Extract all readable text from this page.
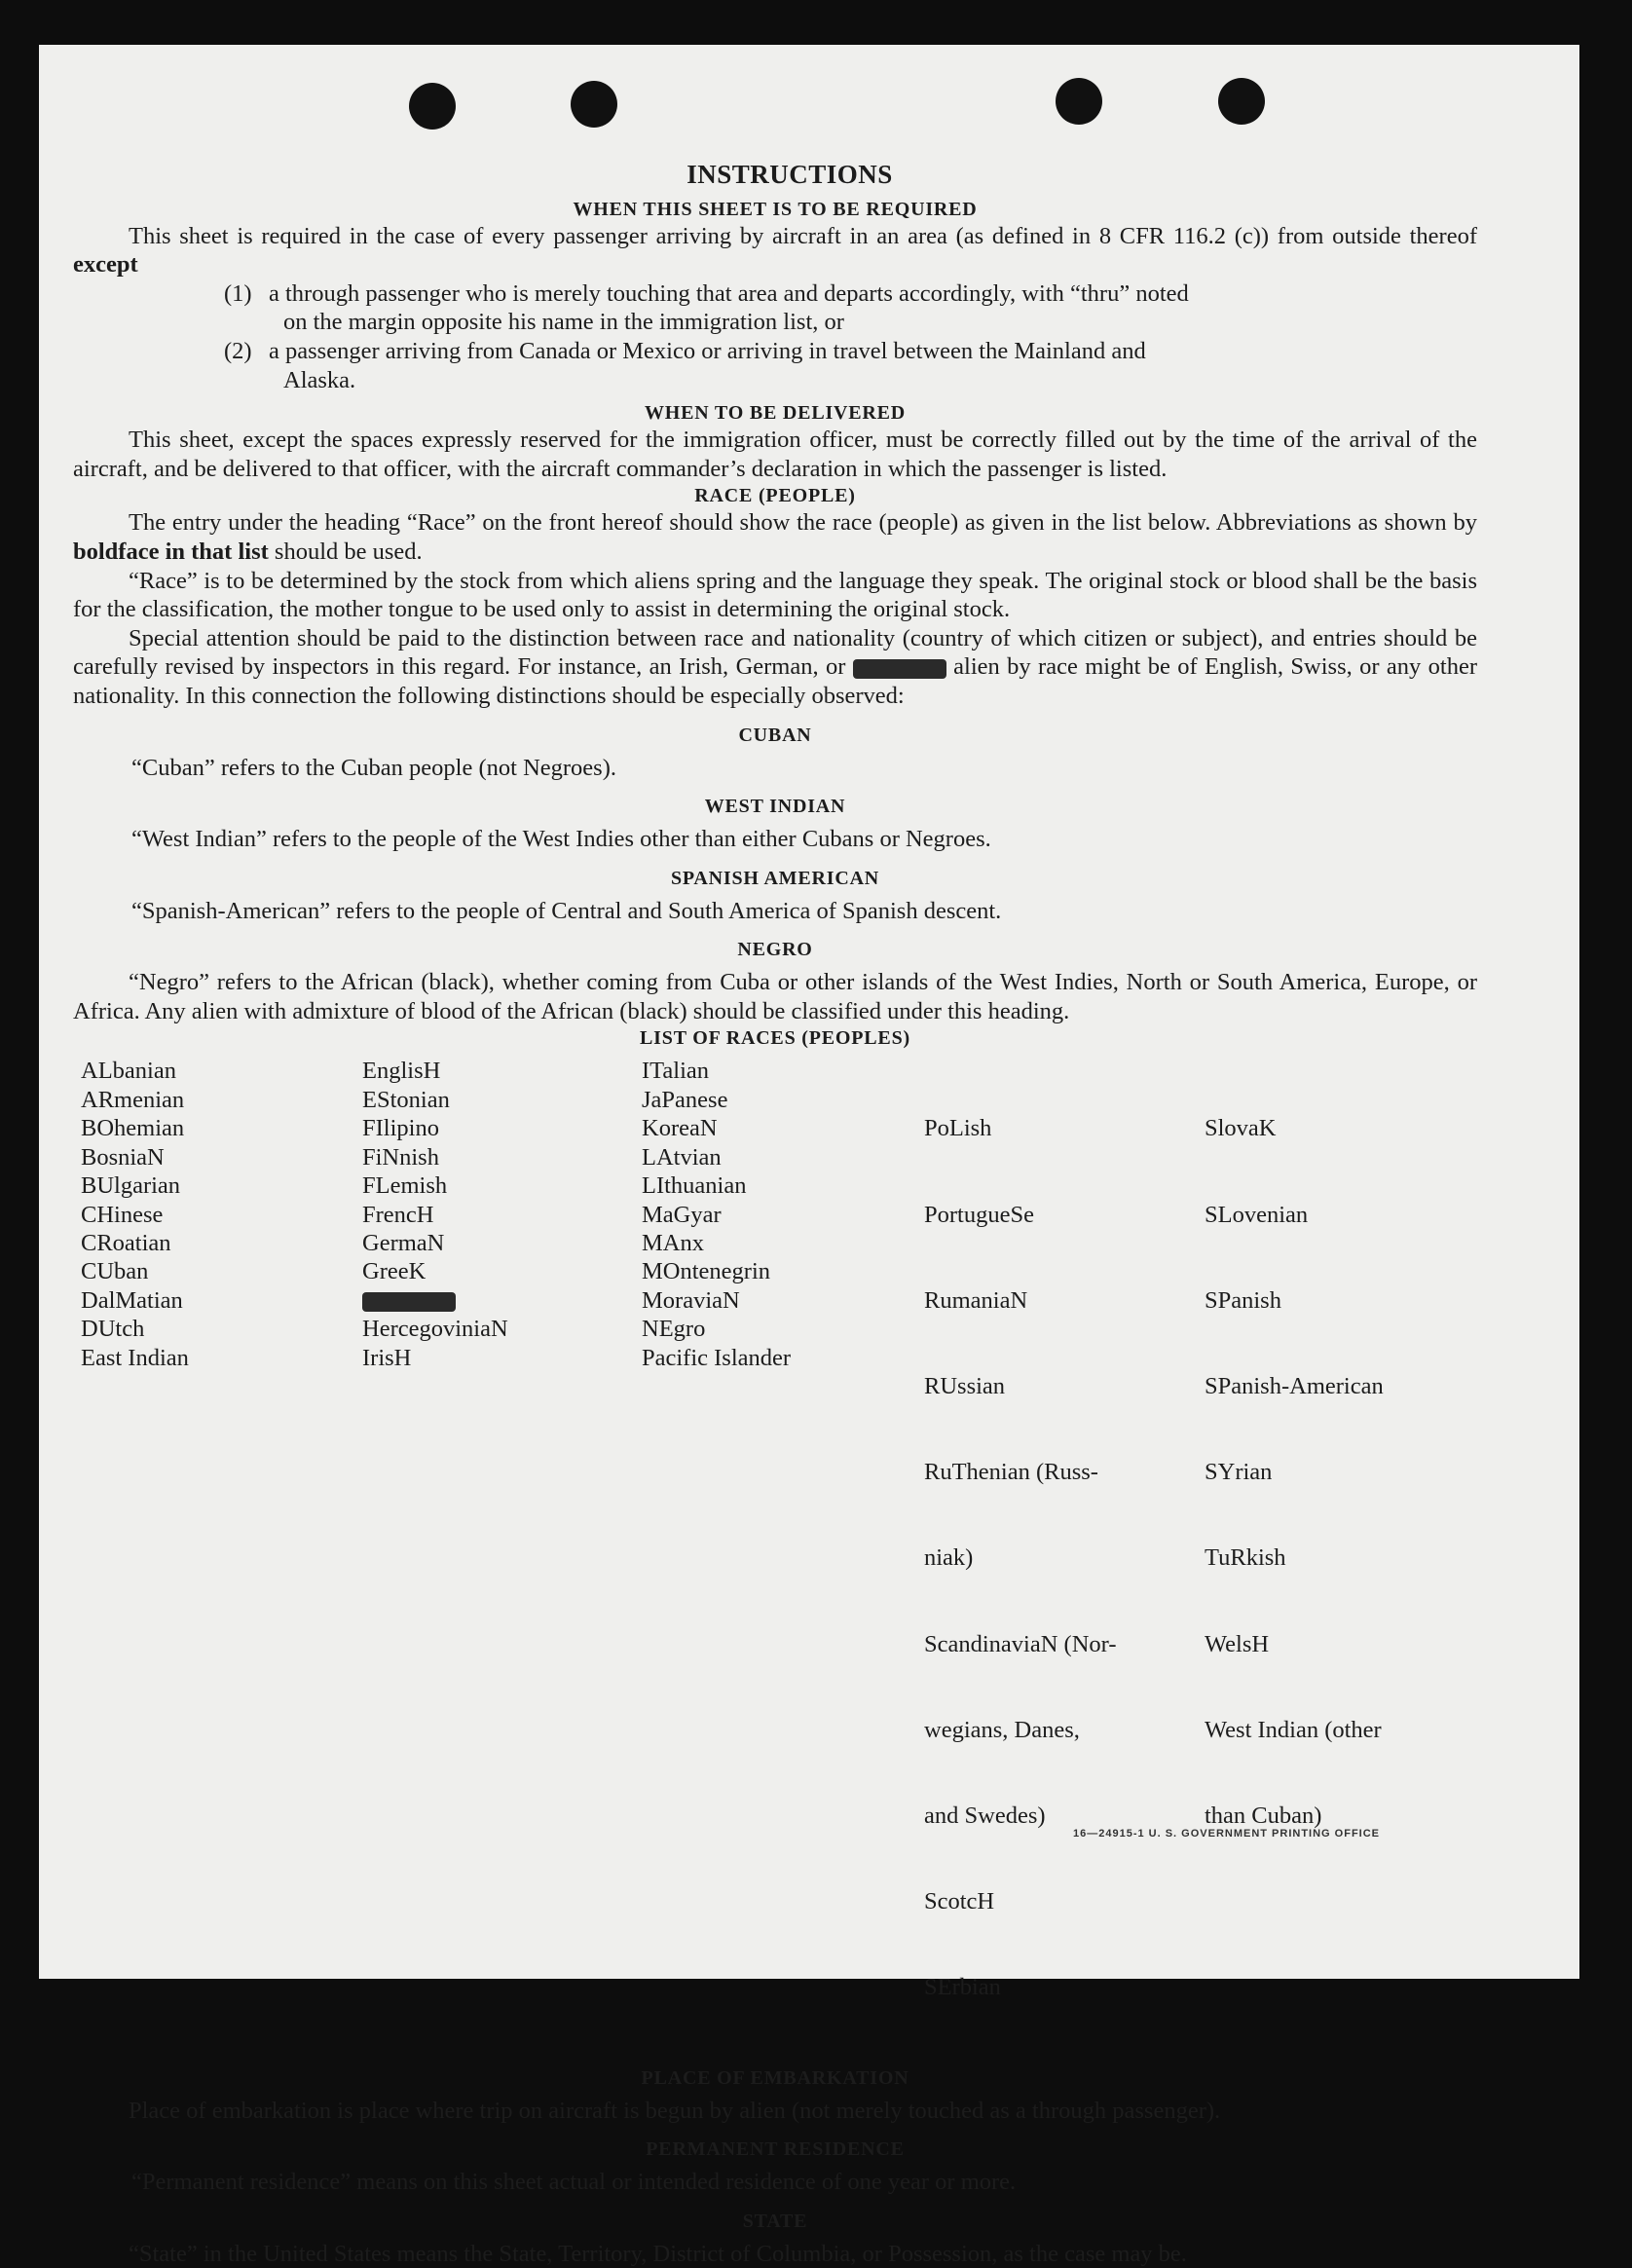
INSTRUCTIONS
WHEN THIS SHEET IS TO BE REQUIRED

This sheet is required in the case of every passenger arriving by aircraft in an area (as defined in 8 CFR 116.2 (c)) from outside thereof except

(1) a through passenger who is merely touching that area and departs accordingly, with “thru” noted
on the margin opposite his name in the immigration list, or
(2) a passenger arriving from Canada or Mexico or arriving in travel between the Mainland and
Alaska.
WHEN TO BE DELIVERED

This sheet, except the spaces expressly reserved for the immigration officer, must be correctly filled out by the time of the arrival of the aircraft, and be delivered to that officer, with the aircraft commander’s declaration in which the passenger is listed.

RACE (PEOPLE)

The entry under the heading “Race” on the front hereof should show the race (people) as given in the list below. Abbreviations as shown by boldface in that list should be used.

“Race” is to be determined by the stock from which aliens spring and the language they speak. The original stock or blood shall be the basis for the classification, the mother tongue to be used only to assist in determining the original stock.

Special attention should be paid to the distinction between race and nationality (country of which citizen or subject), and entries should be carefully revised by inspectors in this regard. For instance, an Irish, German, or	alien by race might be of English, Swiss, or any other nationality. In this connection the following distinctions should be especially observed:

CUBAN

“Cuban” refers to the Cuban people (not Negroes).

WEST INDIAN

“West Indian” refers to the people of the West Indies other than either Cubans or Negroes.

SPANISH AMERICAN

“Spanish-American” refers to the people of Central and South America of Spanish descent.

NEGRO

“Negro” refers to the African (black), whether coming from Cuba or other islands of the West Indies, North or South America, Europe, or Africa. Any alien with admixture of blood of the African (black) should be classified under this heading.

LIST OF RACES (PEOPLES)
ALbanian
ARmenian
BOhemian
BosniaN
BUlgarian
CHinese
CRoatian
CUban
DalMatian
DUtch
East Indian
EnglisH
EStonian
FIlipino
FiNnish
FLemish
FrencH
GermaN
GreeK
HercegoviniaN
IrisH
ITalian
JaPanese
KoreaN
LAtvian
LIthuanian
MaGyar
MAnx
MOntenegrin
MoraviaN
NEgro
Pacific Islander

PoLish

PortugueSe

RumaniaN

RUssian

RuThenian (Russ-

niak)

ScandinaviaN (Nor-

wegians, Danes,

and Swedes)

ScotcH

SErbian

SlovaK

SLovenian

SPanish

SPanish-American

SYrian

TuRkish

WelsH

West Indian (other

than Cuban)

PLACE OF EMBARKATION

Place of embarkation is place where trip on aircraft is begun by alien (not merely touched as a through passenger).

PERMANENT RESIDENCE

“Permanent residence” means on this sheet actual or intended residence of one year or more.

STATE

“State” in the United States means the State, Territory, District of Columbia, or Possession, as the case may be.

16—24915-1 U. S. GOVERNMENT PRINTING OFFICE
